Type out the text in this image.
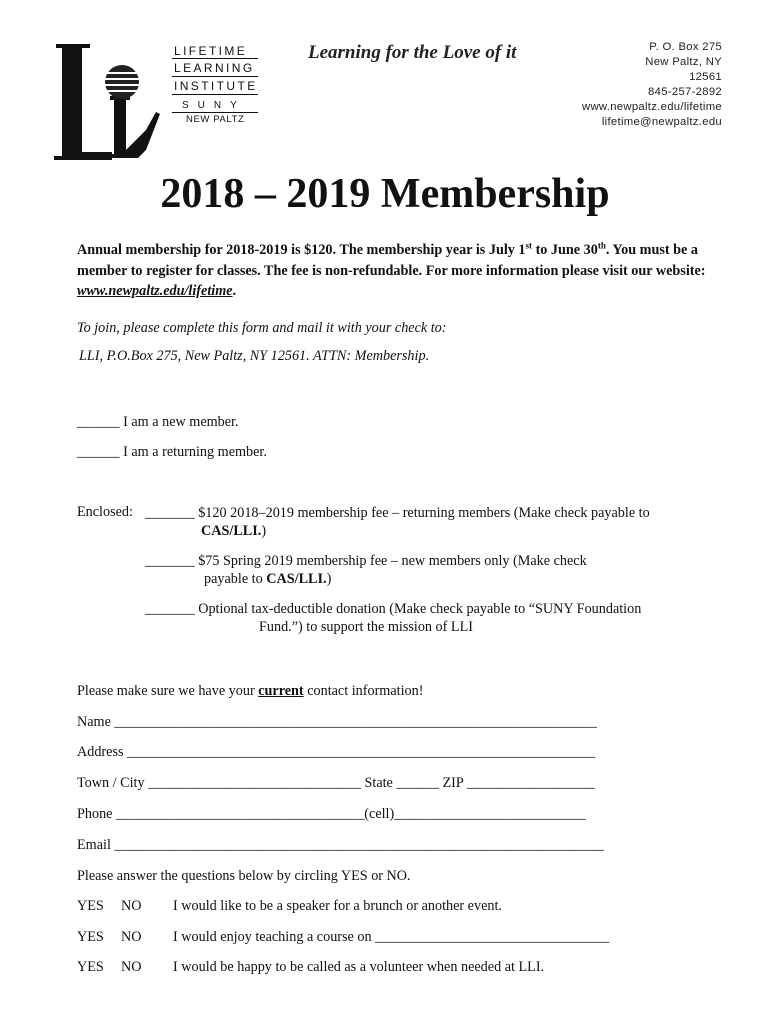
LIFETIME
LEARNING
INSTITUTE
SUNY
NEW PALTZ
Learning for the Love of it	P. O. Box 275
New Paltz, NY
12561
845-257-2892
www.newpaltz.edu/lifetime
lifetime@newpaltz.edu
2018 – 2019 Membership
Annual membership for 2018-2019 is $120. The membership year is July 1st to June 30th. You must be a member to register for classes. The fee is non-refundable. For more information please visit our website: www.newpaltz.edu/lifetime.
To join, please complete this form and mail it with your check to:
LLI, P.O.Box 275, New Paltz, NY 12561. ATTN: Membership.
______ I am a new member.
______ I am a returning member.
Enclosed: _______ $120 2018–2019 membership fee – returning members (Make check payable to
CAS/LLI.)
_______ $75 Spring 2019 membership fee – new members only (Make check
payable to CAS/LLI.)
_______ Optional tax-deductible donation (Make check payable to “SUNY Foundation
Fund.”) to support the mission of LLI
Please make sure we have your current contact information!
Name ____________________________________________________________________
Address __________________________________________________________________
Town / City ______________________________ State ______ ZIP __________________
Phone ___________________________________(cell)___________________________
Email _____________________________________________________________________
Please answer the questions below by circling YES or NO.
YES NO I would like to be a speaker for a brunch or another event.
YES NO I would enjoy teaching a course on _________________________________
YES NO I would be happy to be called as a volunteer when needed at LLI.
